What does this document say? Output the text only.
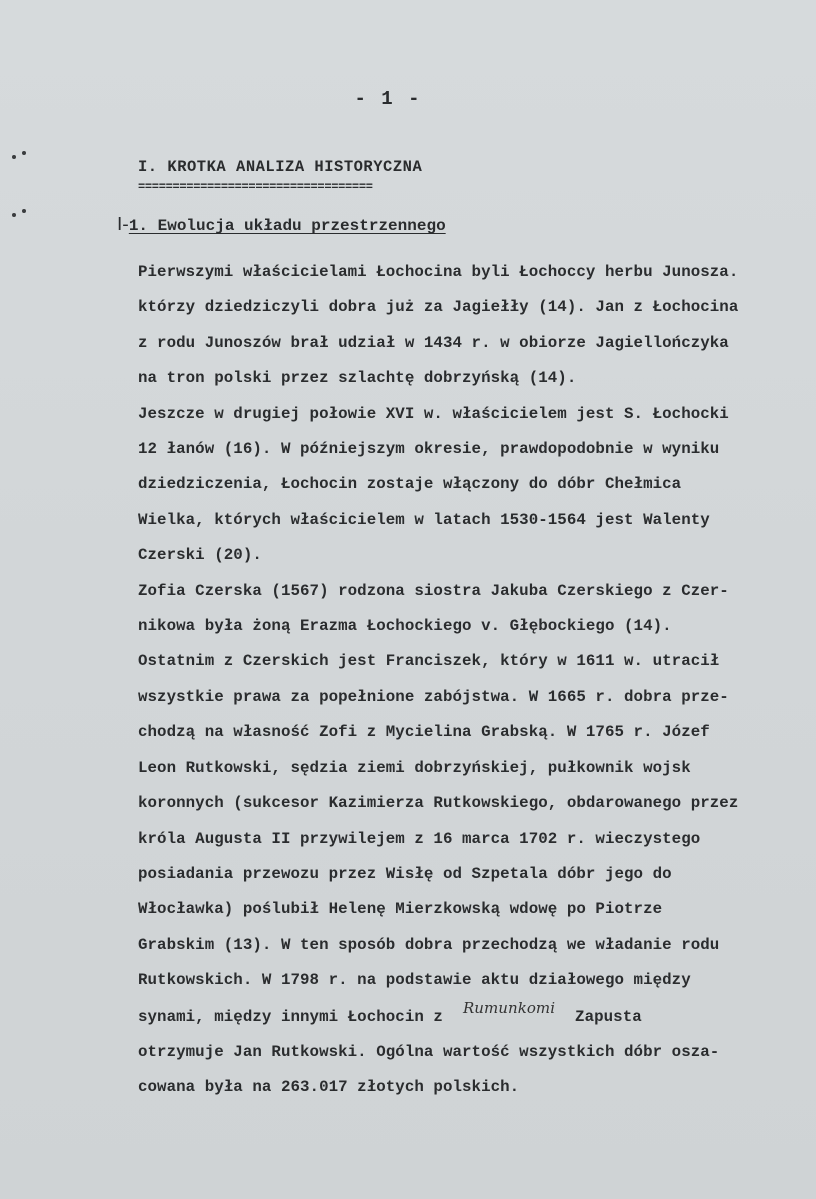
- 1 -
I. KROTKA ANALIZA HISTORYCZNA
==================================
I-1. Ewolucja układu przestrzennego
Pierwszymi właścicielami Łochocina byli Łochoccy herbu Junosza.
którzy dziedziczyli dobra już za Jagiełły (14). Jan z Łochocina
z rodu Junoszów brał udział w 1434 r. w obiorze Jagiellończyka
na tron polski przez szlachtę dobrzyńską (14).
Jeszcze w drugiej połowie XVI w. właścicielem jest S. Łochocki
12 łanów (16). W późniejszym okresie, prawdopodobnie w wyniku
dziedziczenia, Łochocin zostaje włączony do dóbr Chełmica
Wielka, których właścicielem w latach 1530-1564 jest Walenty
Czerski (20).
Zofia Czerska (1567) rodzona siostra Jakuba Czerskiego z Czer-
nikowa była żoną Erazma Łochockiego v. Głębockiego (14).
Ostatnim z Czerskich jest Franciszek, który w 1611 w. utracił
wszystkie prawa za popełnione zabójstwa. W 1665 r. dobra prze-
chodzą na własność Zofi z Mycielina Grabską. W 1765 r. Józef
Leon Rutkowski, sędzia ziemi dobrzyńskiej, pułkownik wojsk
koronnych (sukcesor Kazimierza Rutkowskiego, obdarowanego przez
króla Augusta II przywilejem z 16 marca 1702 r. wieczystego
posiadania przewozu przez Wisłę od Szpetala dóbr jego do
Włocławka) poślubił Helenę Mierzkowską wdowę po Piotrze
Grabskim (13). W ten sposób dobra przechodzą we władanie rodu
Rutkowskich. W 1798 r. na podstawie aktu działowego między
synami, między innymi Łochocin z Rumunkomi Zapusta
otrzymuje Jan Rutkowski. Ogólna wartość wszystkich dóbr osza-
cowana była na 263.017 złotych polskich.
